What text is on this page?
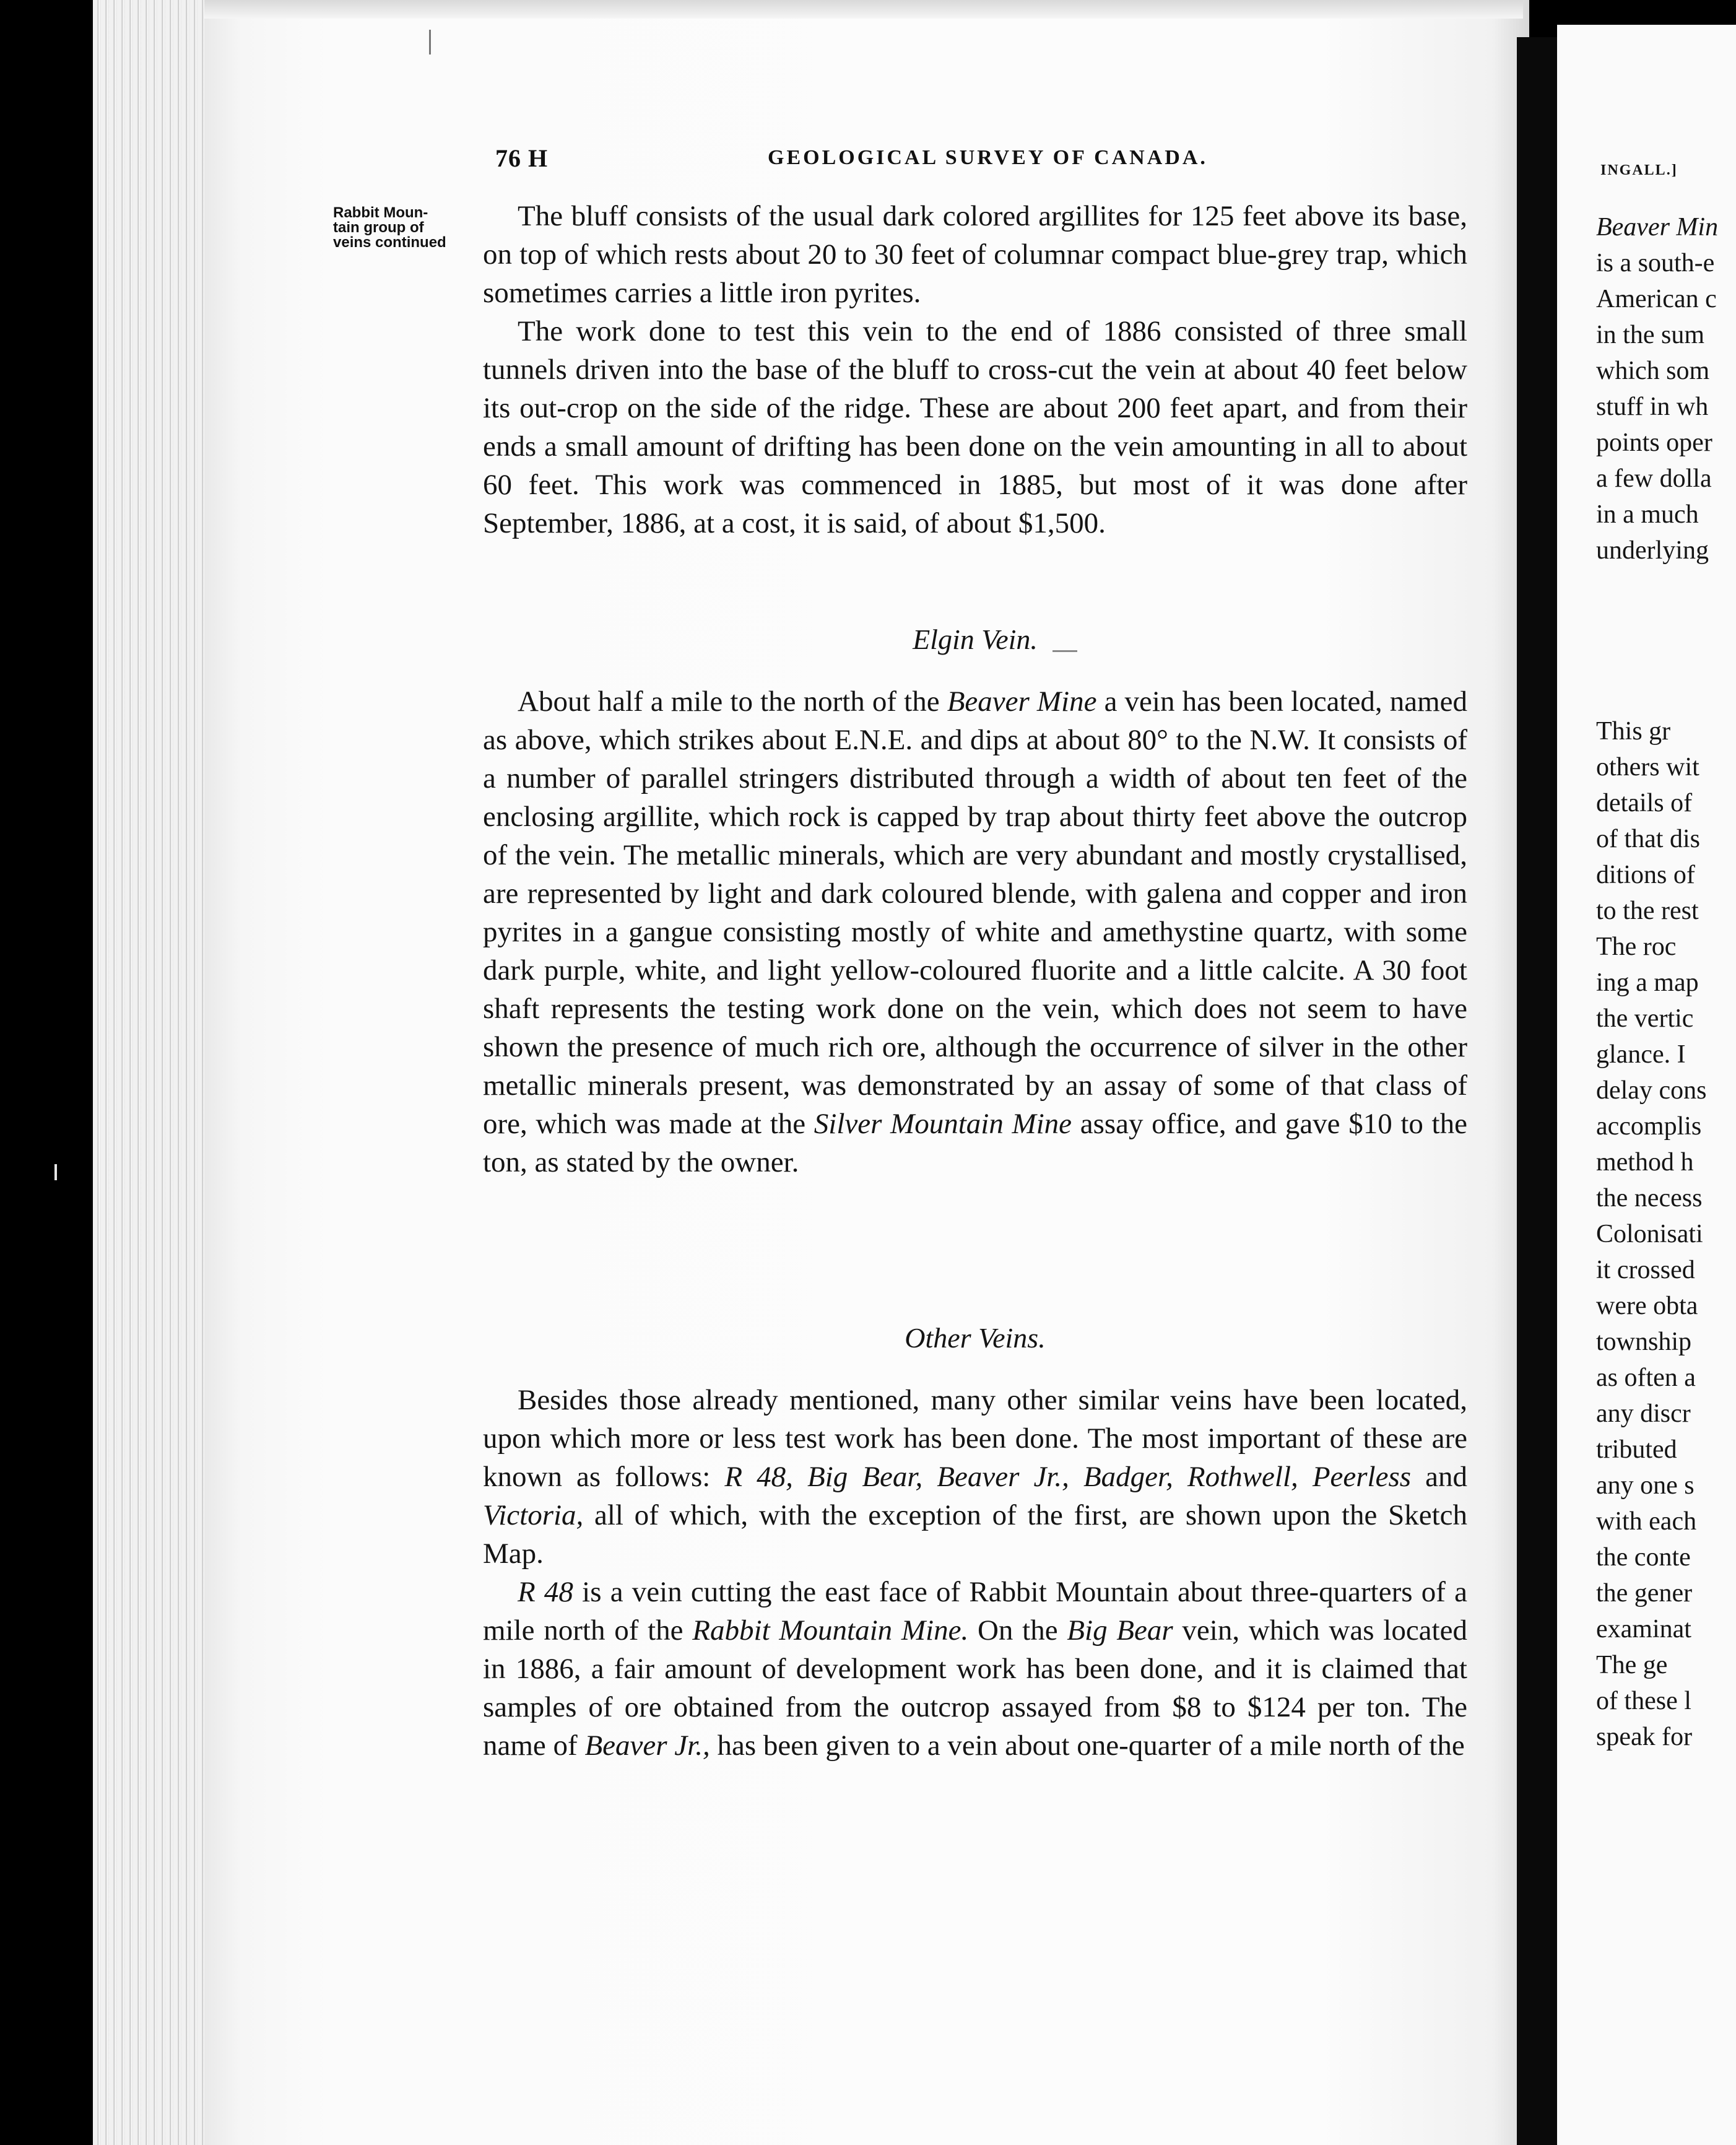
76 H	GEOLOGICAL SURVEY OF CANADA.
Rabbit Moun-
tain group of
veins continued

The bluff consists of the usual dark colored argillites for 125 feet above its base, on top of which rests about 20 to 30 feet of columnar compact blue-grey trap, which sometimes carries a little iron pyrites.

The work done to test this vein to the end of 1886 consisted of three small tunnels driven into the base of the bluff to cross-cut the vein at about 40 feet below its out-crop on the side of the ridge. These are about 200 feet apart, and from their ends a small amount of drifting has been done on the vein amounting in all to about 60 feet. This work was commenced in 1885, but most of it was done after September, 1886, at a cost, it is said, of about $1,500.

Elgin Vein.

About half a mile to the north of the Beaver Mine a vein has been located, named as above, which strikes about E.N.E. and dips at about 80° to the N.W. It consists of a number of parallel stringers distributed through a width of about ten feet of the enclosing argillite, which rock is capped by trap about thirty feet above the outcrop of the vein. The metallic minerals, which are very abundant and mostly crystallised, are represented by light and dark coloured blende, with galena and copper and iron pyrites in a gangue consisting mostly of white and amethystine quartz, with some dark purple, white, and light yellow-coloured fluorite and a little calcite. A 30 foot shaft represents the testing work done on the vein, which does not seem to have shown the presence of much rich ore, although the occurrence of silver in the other metallic minerals present, was demonstrated by an assay of some of that class of ore, which was made at the Silver Mountain Mine assay office, and gave $10 to the ton, as stated by the owner.

Other Veins.

Besides those already mentioned, many other similar veins have been located, upon which more or less test work has been done. The most important of these are known as follows: R 48, Big Bear, Beaver Jr., Badger, Rothwell, Peerless and Victoria, all of which, with the exception of the first, are shown upon the Sketch Map.

R 48 is a vein cutting the east face of Rabbit Mountain about three-quarters of a mile north of the Rabbit Mountain Mine. On the Big Bear vein, which was located in 1886, a fair amount of development work has been done, and it is claimed that samples of ore obtained from the outcrop assayed from $8 to $124 per ton. The name of Beaver Jr., has been given to a vein about one-quarter of a mile north of the

INGALL.]
Beaver Min
is a south-e
American c
in the sum
which som
stuff in wh
points oper
a few dolla
in a much
underlying
This gr
others wit
details of
of that dis
ditions of
to the rest
The roc
ing a map
the vertic
glance. I
delay cons
accomplis
method h
the necess
Colonisati
it crossed
were obta
township
as often a
any discr
tributed
any one s
with each
the conte
the gener
examinat
The ge
of these l
speak for
